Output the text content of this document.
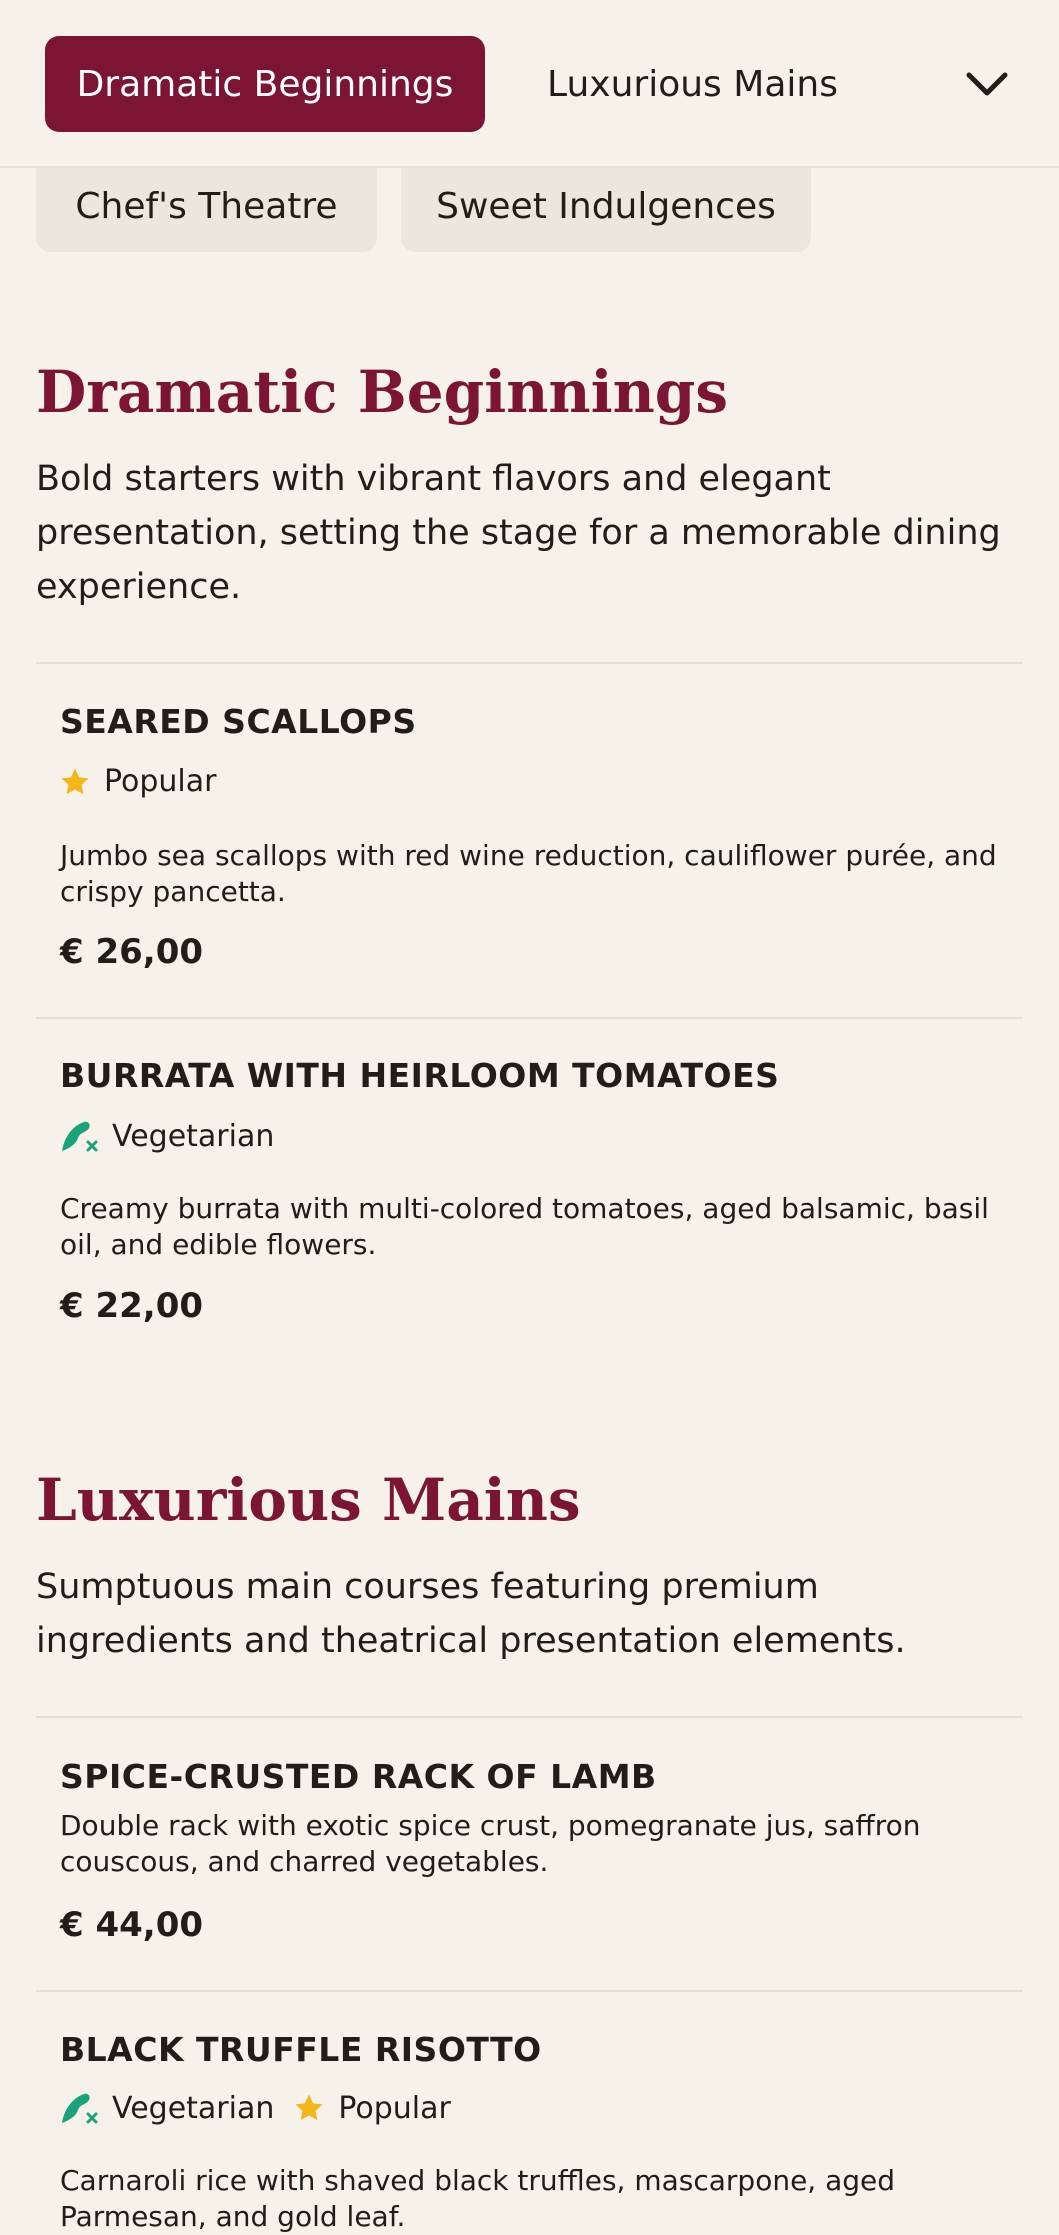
Dramatic Beginnings	Luxurious Mains
Chef's Theatre	Sweet Indulgences
Dramatic Beginnings

Bold starters with vibrant flavors and elegant presentation, setting the stage for a memorable dining experience.

SEARED SCALLOPS
Popular

Jumbo sea scallops with red wine reduction, cauliflower purée, and crispy pancetta.

€ 26,00
BURRATA WITH HEIRLOOM TOMATOES
Vegetarian

Creamy burrata with multi-colored tomatoes, aged balsamic, basil oil, and edible flowers.

€ 22,00
Luxurious Mains

Sumptuous main courses featuring premium ingredients and theatrical presentation elements.

SPICE-CRUSTED RACK OF LAMB

Double rack with exotic spice crust, pomegranate jus, saffron couscous, and charred vegetables.

€ 44,00
BLACK TRUFFLE RISOTTO
Vegetarian Popular

Carnaroli rice with shaved black truffles, mascarpone, aged Parmesan, and gold leaf.
